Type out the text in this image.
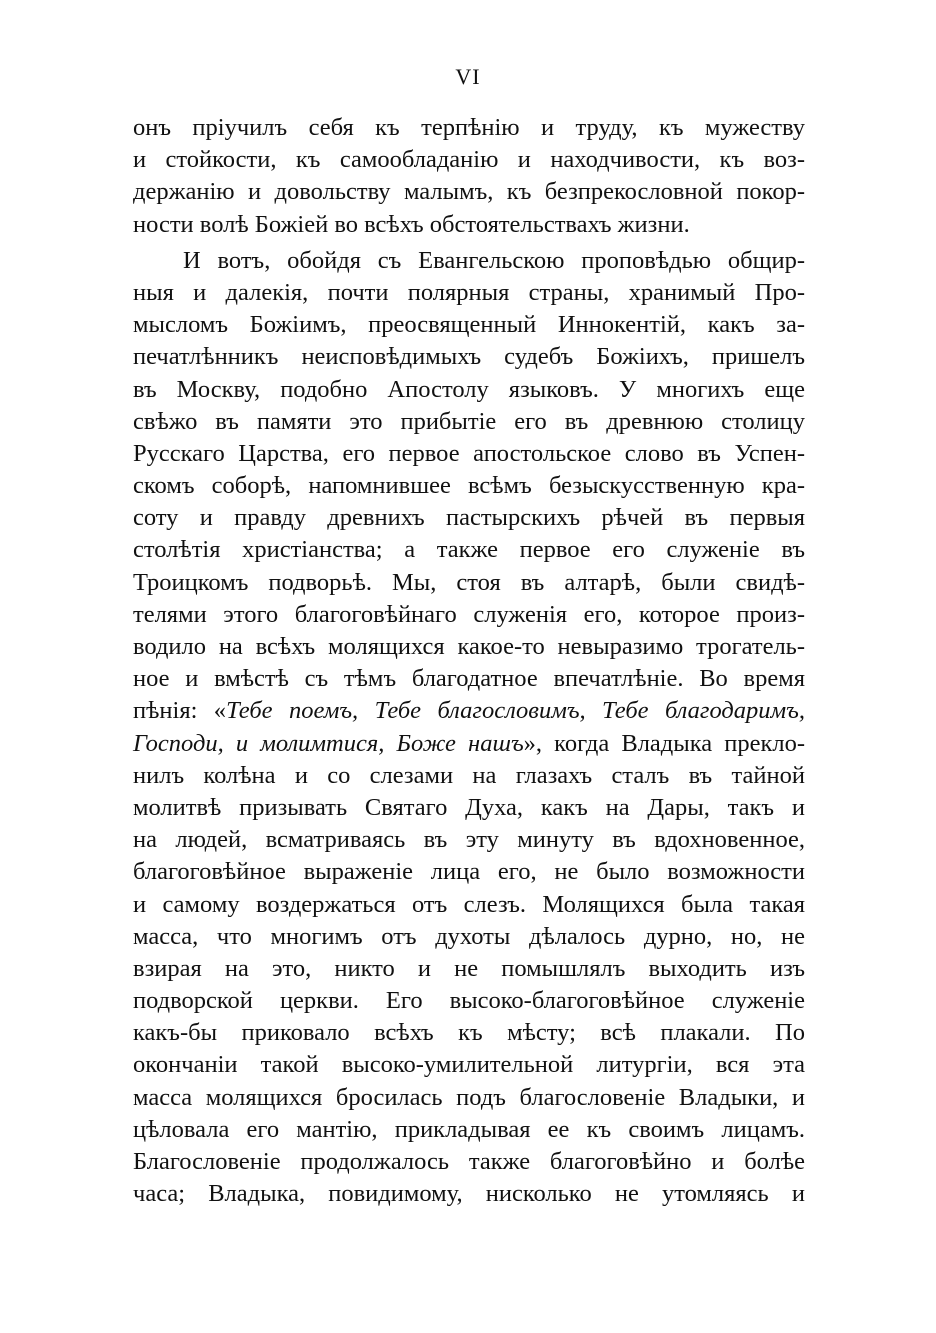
VI
онъ пріучилъ себя къ терпѣнію и труду, къ мужеству
и стойкости, къ самообладанію и находчивости, къ воз-
держанію и довольству малымъ, къ безпрекословной покор-
ности волѣ Божіей во всѣхъ обстоятельствахъ жизни.
И вотъ, обойдя съ Евангельскою проповѣдью общир-
ныя и далекія, почти полярныя страны, хранимый Про-
мысломъ Божіимъ, преосвященный Иннокентій, какъ за-
печатлѣнникъ неисповѣдимыхъ судебъ Божіихъ, пришелъ
въ Москву, подобно Апостолу языковъ. У многихъ еще
свѣжо въ памяти это прибытіе его въ древнюю столицу
Русскаго Царства, его первое апостольское слово въ Успен-
скомъ соборѣ, напомнившее всѣмъ безыскусственную кра-
соту и правду древнихъ пастырскихъ рѣчей въ первыя
столѣтія христіанства; а также первое его служеніе въ
Троицкомъ подворьѣ. Мы, стоя въ алтарѣ, были свидѣ-
телями этого благоговѣйнаго служенія его, которое произ-
водило на всѣхъ молящихся какое-то невыразимо трогатель-
ное и вмѣстѣ съ тѣмъ благодатное впечатлѣніе. Во время
пѣнія: «Тебе поемъ, Тебе благословимъ, Тебе благодаримъ,
Господи, и молимтися, Боже нашъ», когда Владыка прекло-
нилъ колѣна и со слезами на глазахъ сталъ въ тайной
молитвѣ призывать Святаго Духа, какъ на Дары, такъ и
на людей, всматриваясь въ эту минуту въ вдохновенное,
благоговѣйное выраженіе лица его, не было возможности
и самому воздержаться отъ слезъ. Молящихся была такая
масса, что многимъ отъ духоты дѣлалось дурно, но, не
взирая на это, никто и не помышлялъ выходить изъ
подворской церкви. Его высоко-благоговѣйное служеніе
какъ-бы приковало всѣхъ къ мѣсту; всѣ плакали. По
окончаніи такой высоко-умилительной литургіи, вся эта
масса молящихся бросилась подъ благословеніе Владыки, и
цѣловала его мантію, прикладывая ее къ своимъ лицамъ.
Благословеніе продолжалось также благоговѣйно и болѣе
часа; Владыка, повидимому, нисколько не утомляясь и
